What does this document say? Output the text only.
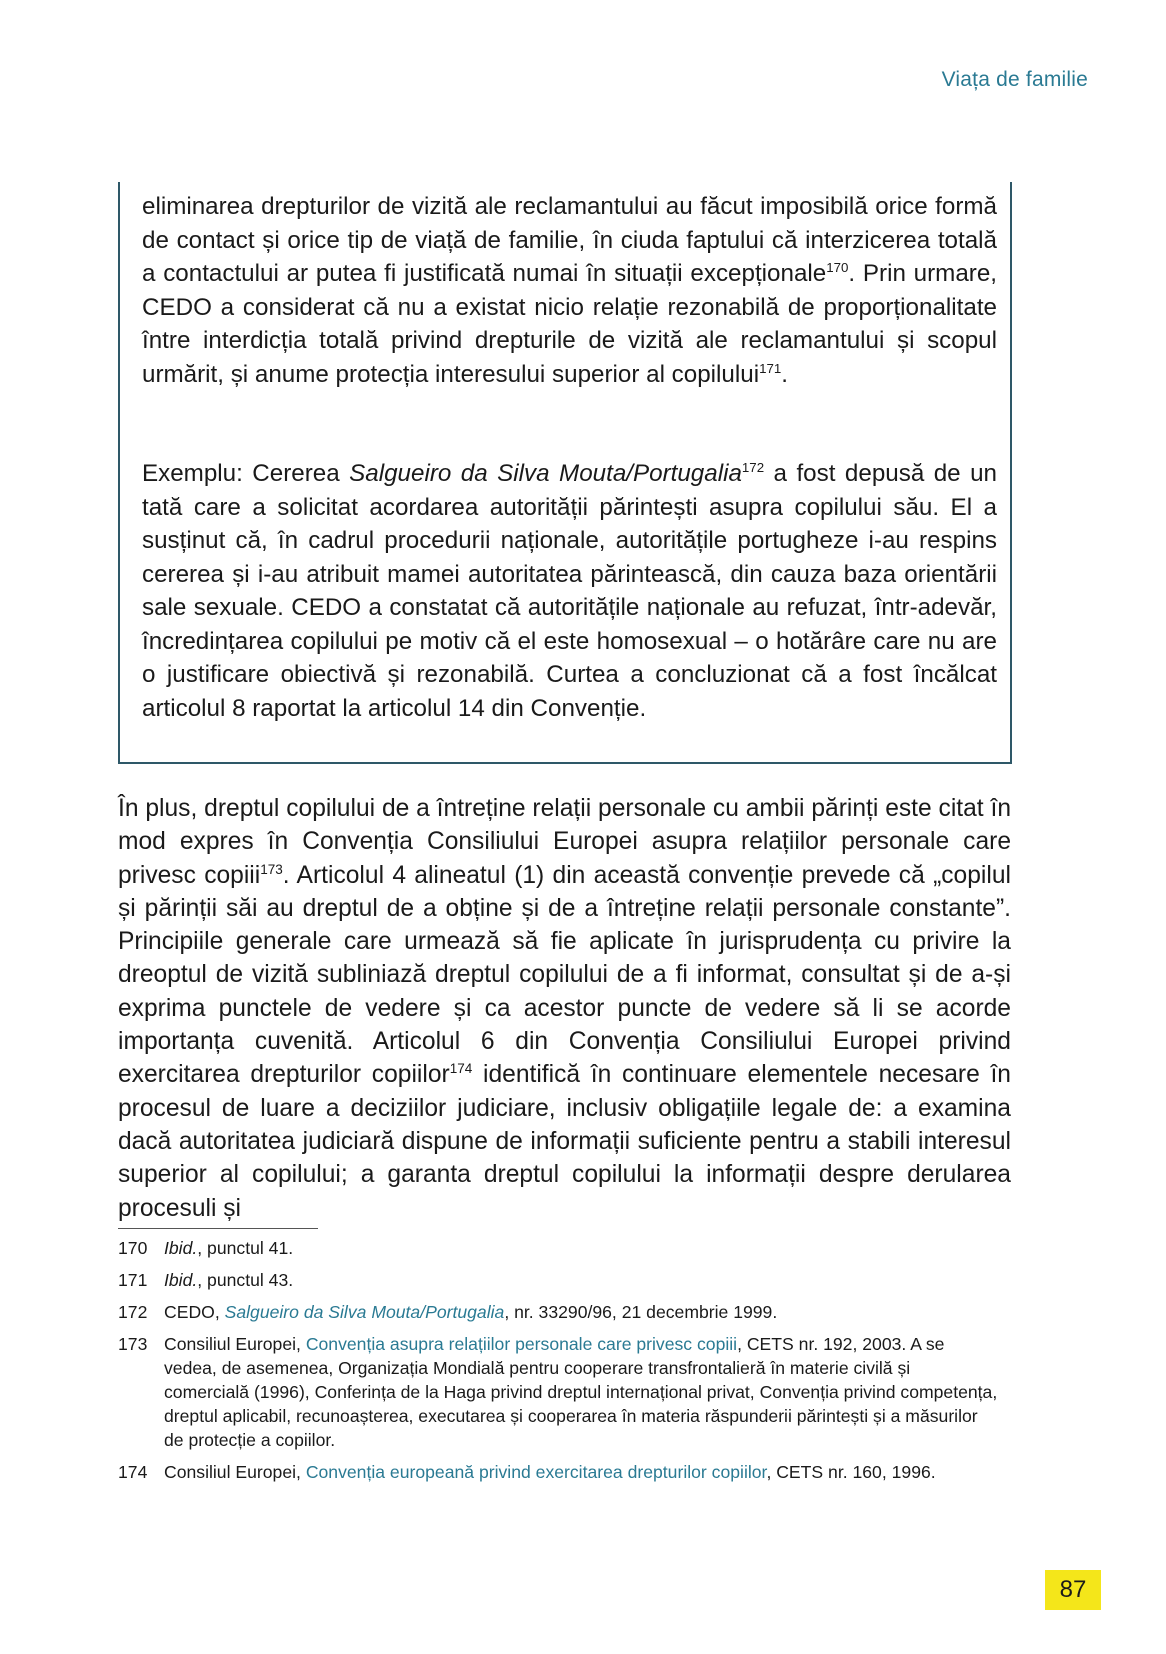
Viața de familie
eliminarea drepturilor de vizită ale reclamantului au făcut imposibilă orice formă de contact și orice tip de viață de familie, în ciuda faptului că interzicerea totală a contactului ar putea fi justificată numai în situații excepționale$^{170}$. Prin urmare, CEDO a considerat că nu a existat nicio relație rezonabilă de proporționalitate între interdicția totală privind drepturile de vizită ale reclamantului și scopul urmărit, și anume protecția interesului superior al copilului$^{171}$.
Exemplu: Cererea Salgueiro da Silva Mouta/Portugalia$^{172}$ a fost depusă de un tată care a solicitat acordarea autorității părintești asupra copilului său. El a susținut că, în cadrul procedurii naționale, autoritățile portugheze i-au respins cererea și i-au atribuit mamei autoritatea părintească, din cauza baza orientării sale sexuale. CEDO a constatat că autoritățile naționale au refuzat, într-adevăr, încredințarea copilului pe motiv că el este homosexual – o hotărâre care nu are o justificare obiectivă și rezonabilă. Curtea a concluzionat că a fost încălcat articolul 8 raportat la articolul 14 din Convenție.
În plus, dreptul copilului de a întreține relații personale cu ambii părinți este citat în mod expres în Convenția Consiliului Europei asupra relațiilor personale care privesc copiii$^{173}$. Articolul 4 alineatul (1) din această convenție prevede că „copilul și părinții săi au dreptul de a obține și de a întreține relații personale constante”. Principiile generale care urmează să fie aplicate în jurisprudența cu privire la dreoptul de vizită subliniază dreptul copilului de a fi informat, consultat și de a-și exprima punctele de vedere și ca acestor puncte de vedere să li se acorde importanța cuvenită. Articolul 6 din Convenția Consiliului Europei privind exercitarea drepturilor copiilor$^{174}$ identifică în continuare elementele necesare în procesul de luare a deciziilor judiciare, inclusiv obligațiile legale de: a examina dacă autoritatea judiciară dispune de informații suficiente pentru a stabili interesul superior al copilului; a garanta dreptul copilului la informații despre derularea procesuli și
170 Ibid., punctul 41.
171 Ibid., punctul 43.
172 CEDO, Salgueiro da Silva Mouta/Portugalia, nr. 33290/96, 21 decembrie 1999.
173 Consiliul Europei, Convenția asupra relațiilor personale care privesc copiii, CETS nr. 192, 2003. A se vedea, de asemenea, Organizația Mondială pentru cooperare transfrontalieră în materie civilă și comercială (1996), Conferința de la Haga privind dreptul internațional privat, Convenția privind competența, dreptul aplicabil, recunoașterea, executarea și cooperarea în materia răspunderii părintești și a măsurilor de protecție a copiilor.
174 Consiliul Europei, Convenția europeană privind exercitarea drepturilor copiilor, CETS nr. 160, 1996.
87
